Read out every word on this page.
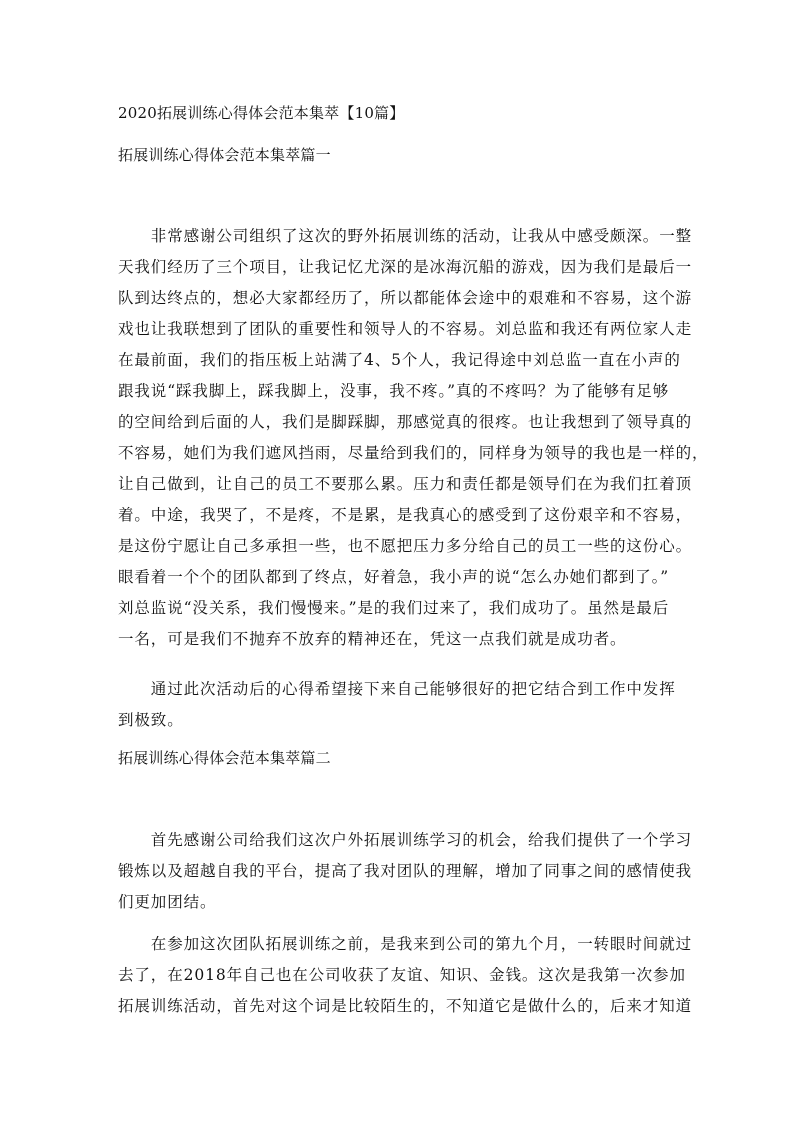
2020拓展训练心得体会范本集萃【10篇】
拓展训练心得体会范本集萃篇一
　　非常感谢公司组织了这次的野外拓展训练的活动，让我从中感受颇深。一整
天我们经历了三个项目，让我记忆尤深的是冰海沉船的游戏，因为我们是最后一
队到达终点的，想必大家都经历了，所以都能体会途中的艰难和不容易，这个游
戏也让我联想到了团队的重要性和领导人的不容易。刘总监和我还有两位家人走
在最前面，我们的指压板上站满了4、5个人，我记得途中刘总监一直在小声的
跟我说“踩我脚上，踩我脚上，没事，我不疼。”真的不疼吗？为了能够有足够
的空间给到后面的人，我们是脚踩脚，那感觉真的很疼。也让我想到了领导真的
不容易，她们为我们遮风挡雨，尽量给到我们的，同样身为领导的我也是一样的，
让自己做到，让自己的员工不要那么累。压力和责任都是领导们在为我们扛着顶
着。中途，我哭了，不是疼，不是累，是我真心的感受到了这份艰辛和不容易，
是这份宁愿让自己多承担一些，也不愿把压力多分给自己的员工一些的这份心。
眼看着一个个的团队都到了终点，好着急，我小声的说“怎么办她们都到了。”
刘总监说“没关系，我们慢慢来。”是的我们过来了，我们成功了。虽然是最后
一名，可是我们不抛弃不放弃的精神还在，凭这一点我们就是成功者。
　　通过此次活动后的心得希望接下来自己能够很好的把它结合到工作中发挥
到极致。
拓展训练心得体会范本集萃篇二
　　首先感谢公司给我们这次户外拓展训练学习的机会，给我们提供了一个学习
锻炼以及超越自我的平台，提高了我对团队的理解，增加了同事之间的感情使我
们更加团结。
　　在参加这次团队拓展训练之前，是我来到公司的第九个月，一转眼时间就过
去了，在2018年自己也在公司收获了友谊、知识、金钱。这次是我第一次参加
拓展训练活动，首先对这个词是比较陌生的，不知道它是做什么的，后来才知道
